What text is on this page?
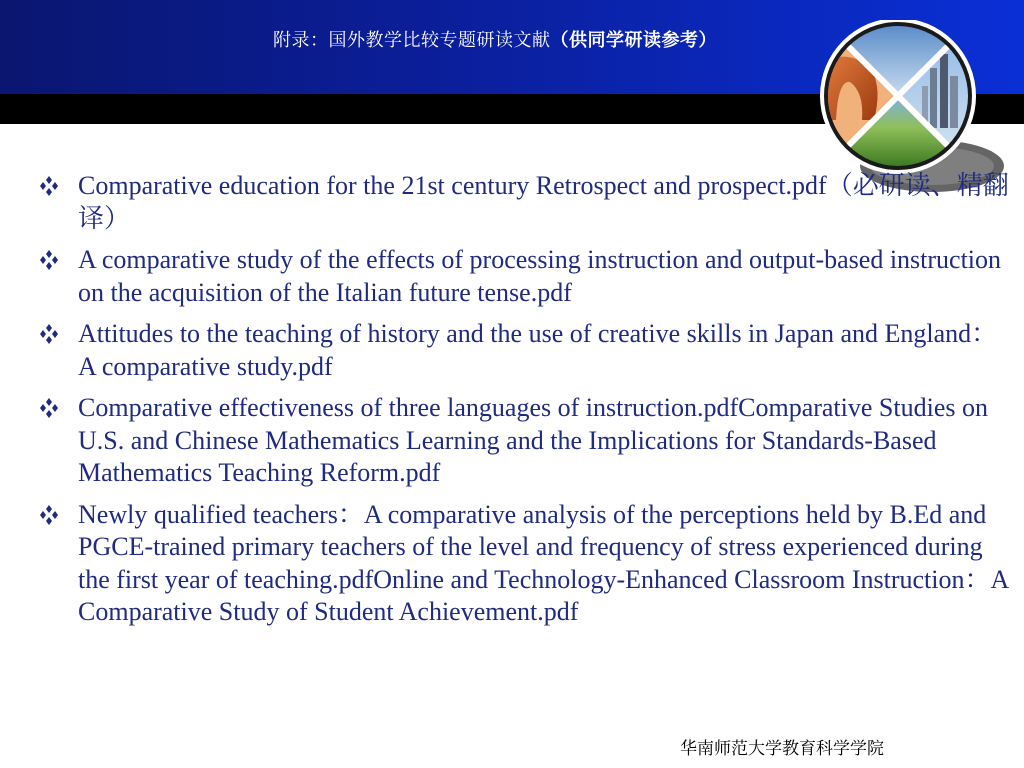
附录：国外教学比较专题研读文献（供同学研读参考）
Comparative education for the 21st century Retrospect and prospect.pdf（必研读、精翻译）
A comparative study of the effects of processing instruction and output-based instruction on the acquisition of the Italian future tense.pdf
Attitudes to the teaching of history and the use of creative skills in Japan and England：A comparative study.pdf
Comparative effectiveness of three languages of instruction.pdfComparative Studies on U.S. and Chinese Mathematics Learning and the Implications for Standards-Based Mathematics Teaching Reform.pdf
Newly qualified teachers：A comparative analysis of the perceptions held by B.Ed and PGCE-trained primary teachers of the level and frequency of stress experienced during the first year of teaching.pdfOnline and Technology-Enhanced Classroom Instruction：A Comparative Study of Student Achievement.pdf
华南师范大学教育科学学院
